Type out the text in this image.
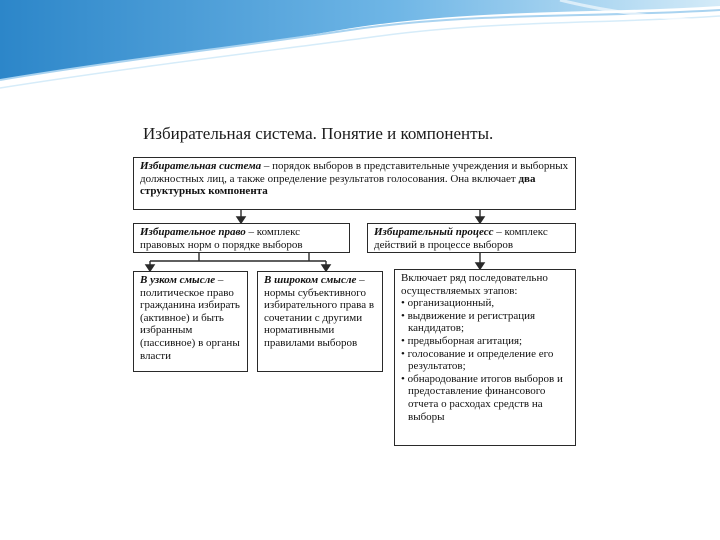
Избирательная система. Понятие и компоненты.
Избирательная система – порядок выборов в представительные учреждения и выборных должностных лиц, а также определение результатов голосования. Она включает два структурных компонента
Избирательное право – комплекс правовых норм о порядке выборов
Избирательный процесс – комплекс действий в процессе выборов
В узком смысле – политическое право гражданина избирать (активное) и быть избранным (пассивное) в органы власти
В широком смысле – нормы субъективного избирательного права в сочетании с другими нормативными правилами выборов
Включает ряд последовательно осуществляемых этапов:
• организационный,
• выдвижение и регистрация кандидатов;
• предвыборная агитация;
• голосование и определение его результатов;
• обнародование итогов выборов и предоставление финансового отчета о расходах средств на выборы
